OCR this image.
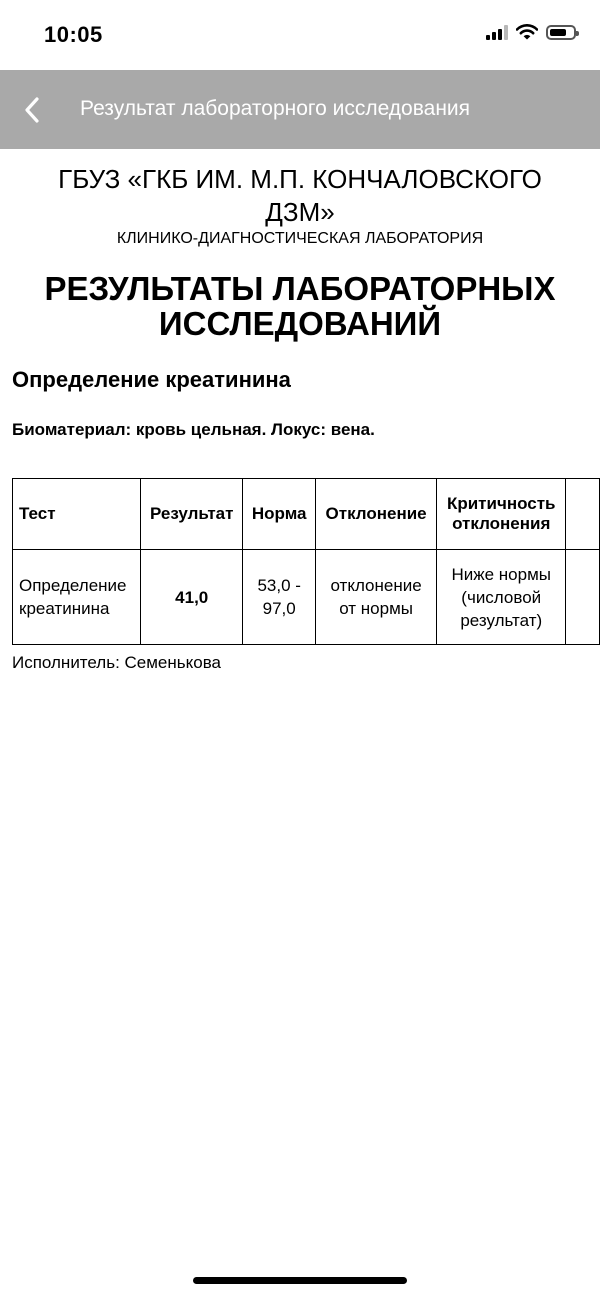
10:05
Результат лабораторного исследования
ГБУЗ «ГКБ ИМ. М.П. КОНЧАЛОВСКОГО ДЗМ»
КЛИНИКО-ДИАГНОСТИЧЕСКАЯ ЛАБОРАТОРИЯ
РЕЗУЛЬТАТЫ ЛАБОРАТОРНЫХ ИССЛЕДОВАНИЙ
Определение креатинина
Биоматериал: кровь цельная. Локус: вена.
Тест	Результат	Норма	Отклонение	Критичность отклонения	
Определение креатинина	41,0	53,0 - 97,0	отклонение от нормы	Ниже нормы (числовой результат)	
Исполнитель: Семенькова
